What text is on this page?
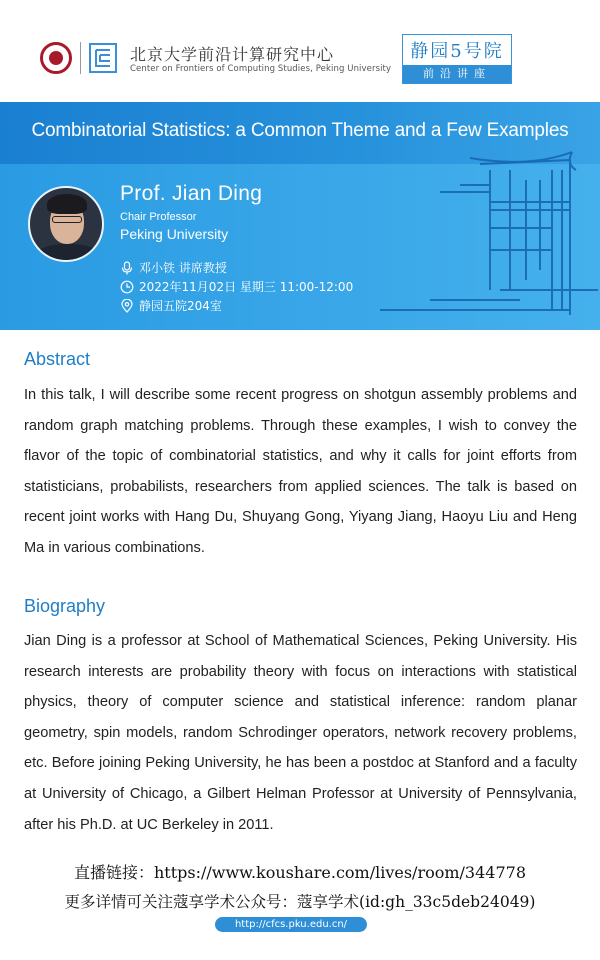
北京大学前沿计算研究中心
Center on Frontiers of Computing Studies, Peking University
静园5号院
前沿讲座
Combinatorial Statistics: a Common Theme and a Few Examples
Prof. Jian Ding
Chair Professor
Peking University
邓小铁 讲席教授
2022年11月02日 星期三 11:00-12:00
静园五院204室
Abstract

In this talk, I will describe some recent progress on shotgun assembly problems and random graph matching problems. Through these examples, I wish to convey the flavor of the topic of combinatorial statistics, and why it calls for joint efforts from statisticians, probabilists, researchers from applied sciences. The talk is based on recent joint works with Hang Du, Shuyang Gong, Yiyang Jiang, Haoyu Liu and Heng Ma in various combinations.

Biography

Jian Ding is a professor at School of Mathematical Sciences, Peking University. His research interests are probability theory with focus on interactions with statistical physics, theory of computer science and statistical inference: random planar geometry, spin models, random Schrodinger operators, network recovery problems, etc. Before joining Peking University, he has been a postdoc at Stanford and a faculty at University of Chicago, a Gilbert Helman Professor at University of Pennsylvania, after his Ph.D. at UC Berkeley in 2011.

直播链接：https://www.koushare.com/lives/room/344778
更多详情可关注蔻享学术公众号：蔻享学术(id:gh_33c5deb24049)
http://cfcs.pku.edu.cn/
